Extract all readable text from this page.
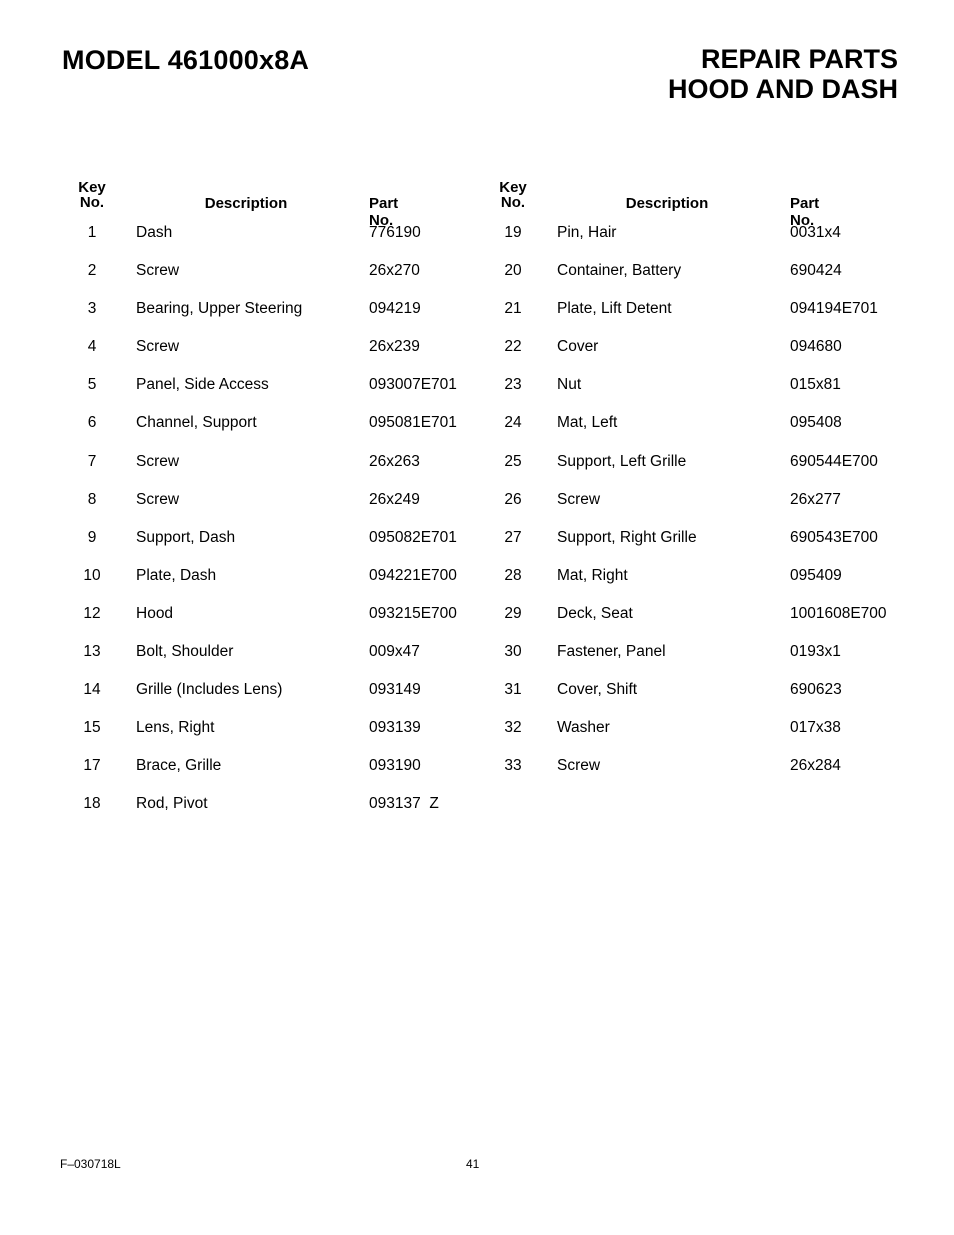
MODEL 461000x8A	REPAIR PARTS
HOOD AND DASH
Key
No.	Description	Part No.
1	Dash	776190
2	Screw	26x270
3	Bearing, Upper Steering	094219
4	Screw	26x239
5	Panel, Side Access	093007E701
6	Channel, Support	095081E701
7	Screw	26x263
8	Screw	26x249
9	Support, Dash	095082E701
10	Plate, Dash	094221E700
12	Hood	093215E700
13	Bolt, Shoulder	009x47
14	Grille (Includes Lens)	093149
15	Lens, Right	093139
17	Brace, Grille	093190
18	Rod, Pivot	093137  Z
Key
No.	Description	Part No.
19	Pin, Hair	0031x4
20	Container, Battery	690424
21	Plate, Lift Detent	094194E701
22	Cover	094680
23	Nut	015x81
24	Mat, Left	095408
25	Support, Left Grille	690544E700
26	Screw	26x277
27	Support, Right Grille	690543E700
28	Mat, Right	095409
29	Deck, Seat	1001608E700
30	Fastener, Panel	0193x1
31	Cover, Shift	690623
32	Washer	017x38
33	Screw	26x284
F–030718L	41
